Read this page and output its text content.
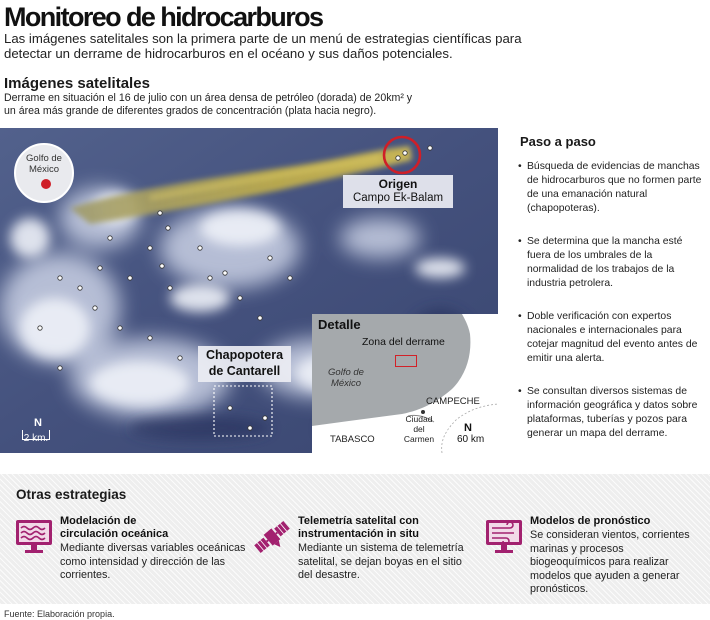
Monitoreo de hidrocarburos
Las imágenes satelitales son la primera parte de un menú de estrategias científicas para detectar un derrame de hidrocarburos en el océano y sus daños potenciales.
Imágenes satelitales
Derrame en situación el 16 de julio con un área densa de petróleo (dorada) de 20km² y un área más grande de diferentes grados de concentración (plata hacia negro).
Golfo de México
Origen
Campo Ek-Balam
Chapopotera de Cantarell
N
2 km.
Detalle
Zona del derrame
Golfo de México
CAMPECHE
TABASCO
Ciudad del Carmen
N
60 km
Paso a paso
• Búsqueda de evidencias de manchas de hidrocarburos que no formen parte de una emanación natural (chapopoteras).
• Se determina que la mancha esté fuera de los umbrales de la normalidad de los trabajos de la industria petrolera.
• Doble verificación con expertos nacionales e internacionales para cotejar magnitud del evento antes de emitir una alerta.
• Se consultan diversos sistemas de información geográfica y datos sobre plataformas, tuberías y pozos para generar un mapa del derrame.
Otras estrategias
Modelación de circulación oceánica
Mediante diversas variables oceánicas como intensidad y dirección de las corrientes.
Telemetría satelital con instrumentación in situ
Mediante un sistema de telemetría satelital, se dejan boyas en el sitio del desastre.
Modelos de pronóstico
Se consideran vientos, corrientes marinas y procesos biogeoquímicos para realizar modelos que ayuden a generar pronósticos.
Fuente: Elaboración propia.
